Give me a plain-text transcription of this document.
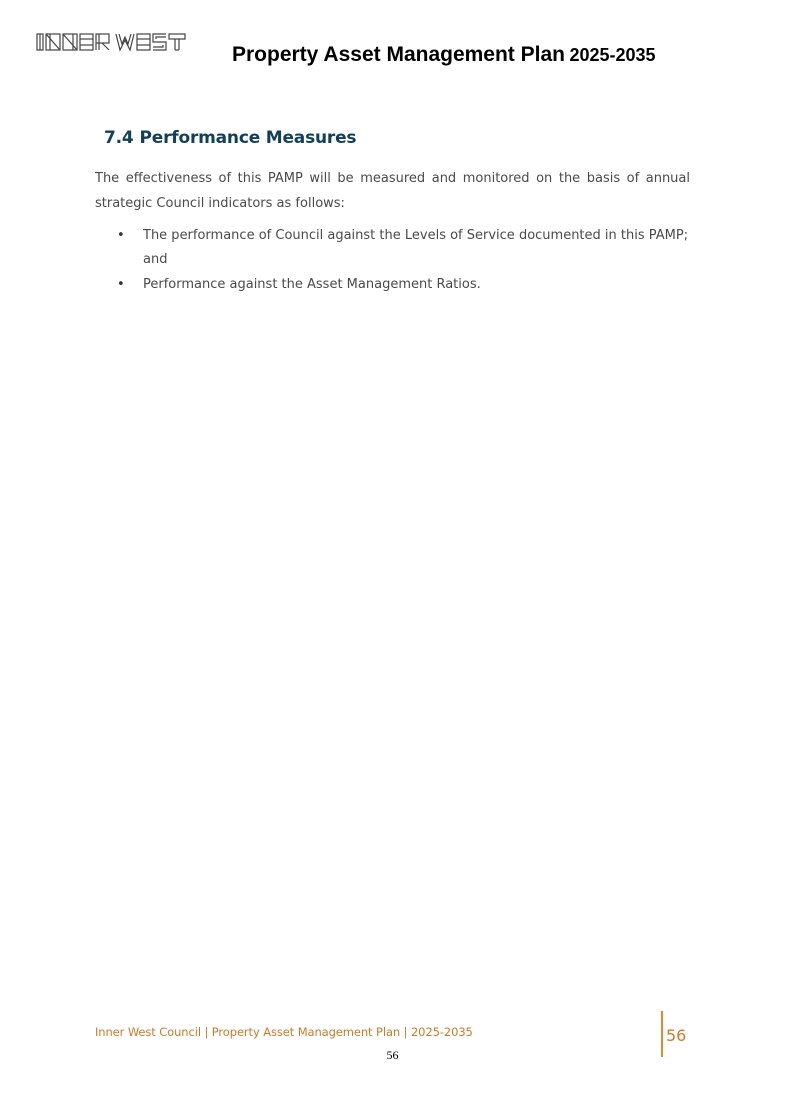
Property Asset Management Plan 2025-2035
7.4 Performance Measures

The effectiveness of this PAMP will be measured and monitored on the basis of annual strategic Council indicators as follows:

• The performance of Council against the Levels of Service documented in this PAMP; and
• Performance against the Asset Management Ratios.
Inner West Council | Property Asset Management Plan | 2025-2035	56
56
